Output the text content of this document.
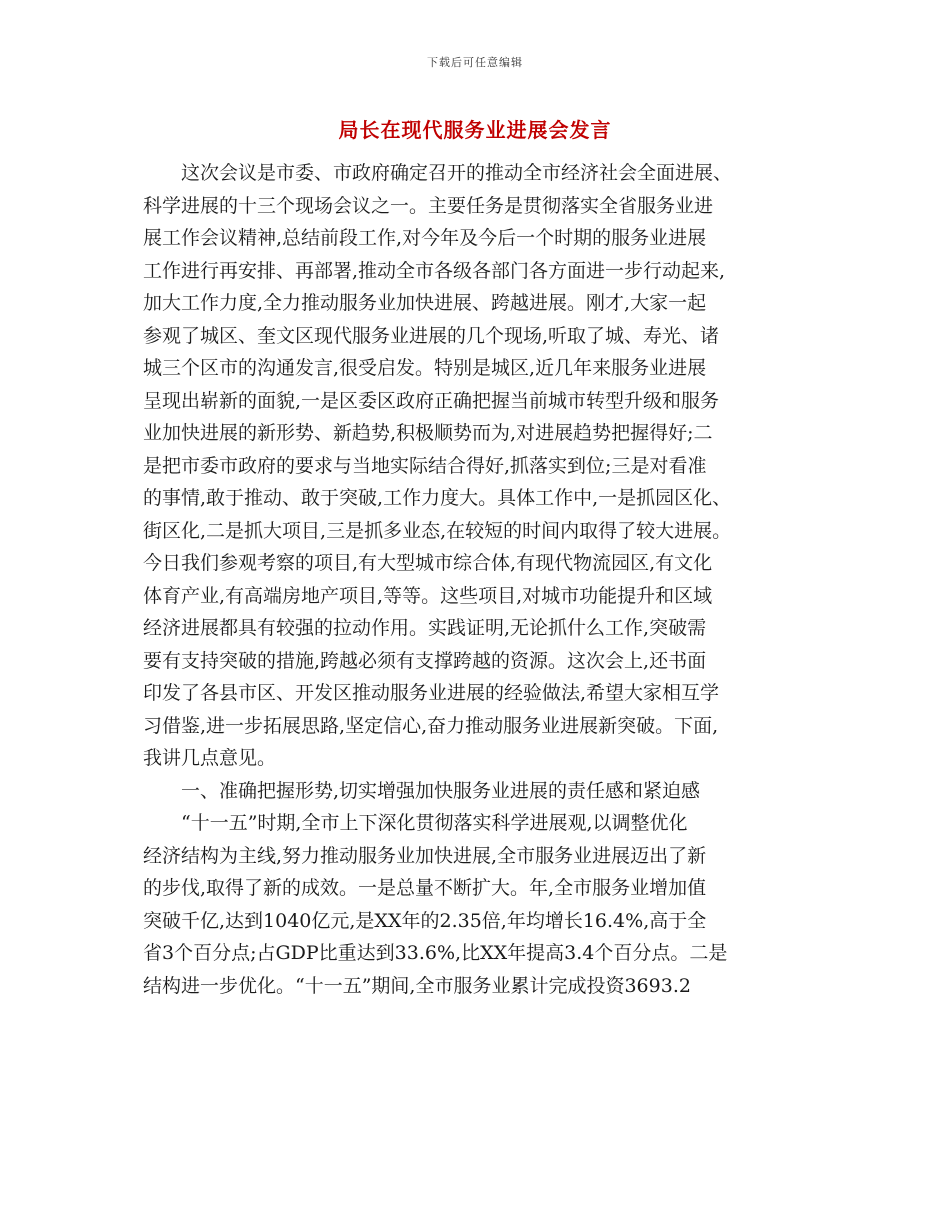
下载后可任意编辑
局长在现代服务业进展会发言
这次会议是市委、市政府确定召开的推动全市经济社会全面进展、
科学进展的十三个现场会议之一。主要任务是贯彻落实全省服务业进
展工作会议精神,总结前段工作,对今年及今后一个时期的服务业进展
工作进行再安排、再部署,推动全市各级各部门各方面进一步行动起来,
加大工作力度,全力推动服务业加快进展、跨越进展。刚才,大家一起
参观了城区、奎文区现代服务业进展的几个现场,听取了城、寿光、诸
城三个区市的沟通发言,很受启发。特别是城区,近几年来服务业进展
呈现出崭新的面貌,一是区委区政府正确把握当前城市转型升级和服务
业加快进展的新形势、新趋势,积极顺势而为,对进展趋势把握得好;二
是把市委市政府的要求与当地实际结合得好,抓落实到位;三是对看准
的事情,敢于推动、敢于突破,工作力度大。具体工作中,一是抓园区化、
街区化,二是抓大项目,三是抓多业态,在较短的时间内取得了较大进展。
今日我们参观考察的项目,有大型城市综合体,有现代物流园区,有文化
体育产业,有高端房地产项目,等等。这些项目,对城市功能提升和区域
经济进展都具有较强的拉动作用。实践证明,无论抓什么工作,突破需
要有支持突破的措施,跨越必须有支撑跨越的资源。这次会上,还书面
印发了各县市区、开发区推动服务业进展的经验做法,希望大家相互学
习借鉴,进一步拓展思路,坚定信心,奋力推动服务业进展新突破。下面,
我讲几点意见。
一、准确把握形势,切实增强加快服务业进展的责任感和紧迫感
“十一五”时期,全市上下深化贯彻落实科学进展观,以调整优化
经济结构为主线,努力推动服务业加快进展,全市服务业进展迈出了新
的步伐,取得了新的成效。一是总量不断扩大。年,全市服务业增加值
突破千亿,达到1040亿元,是XX年的2.35倍,年均增长16.4%,高于全
省3个百分点;占GDP比重达到33.6%,比XX年提高3.4个百分点。二是
结构进一步优化。“十一五”期间,全市服务业累计完成投资3693.2
